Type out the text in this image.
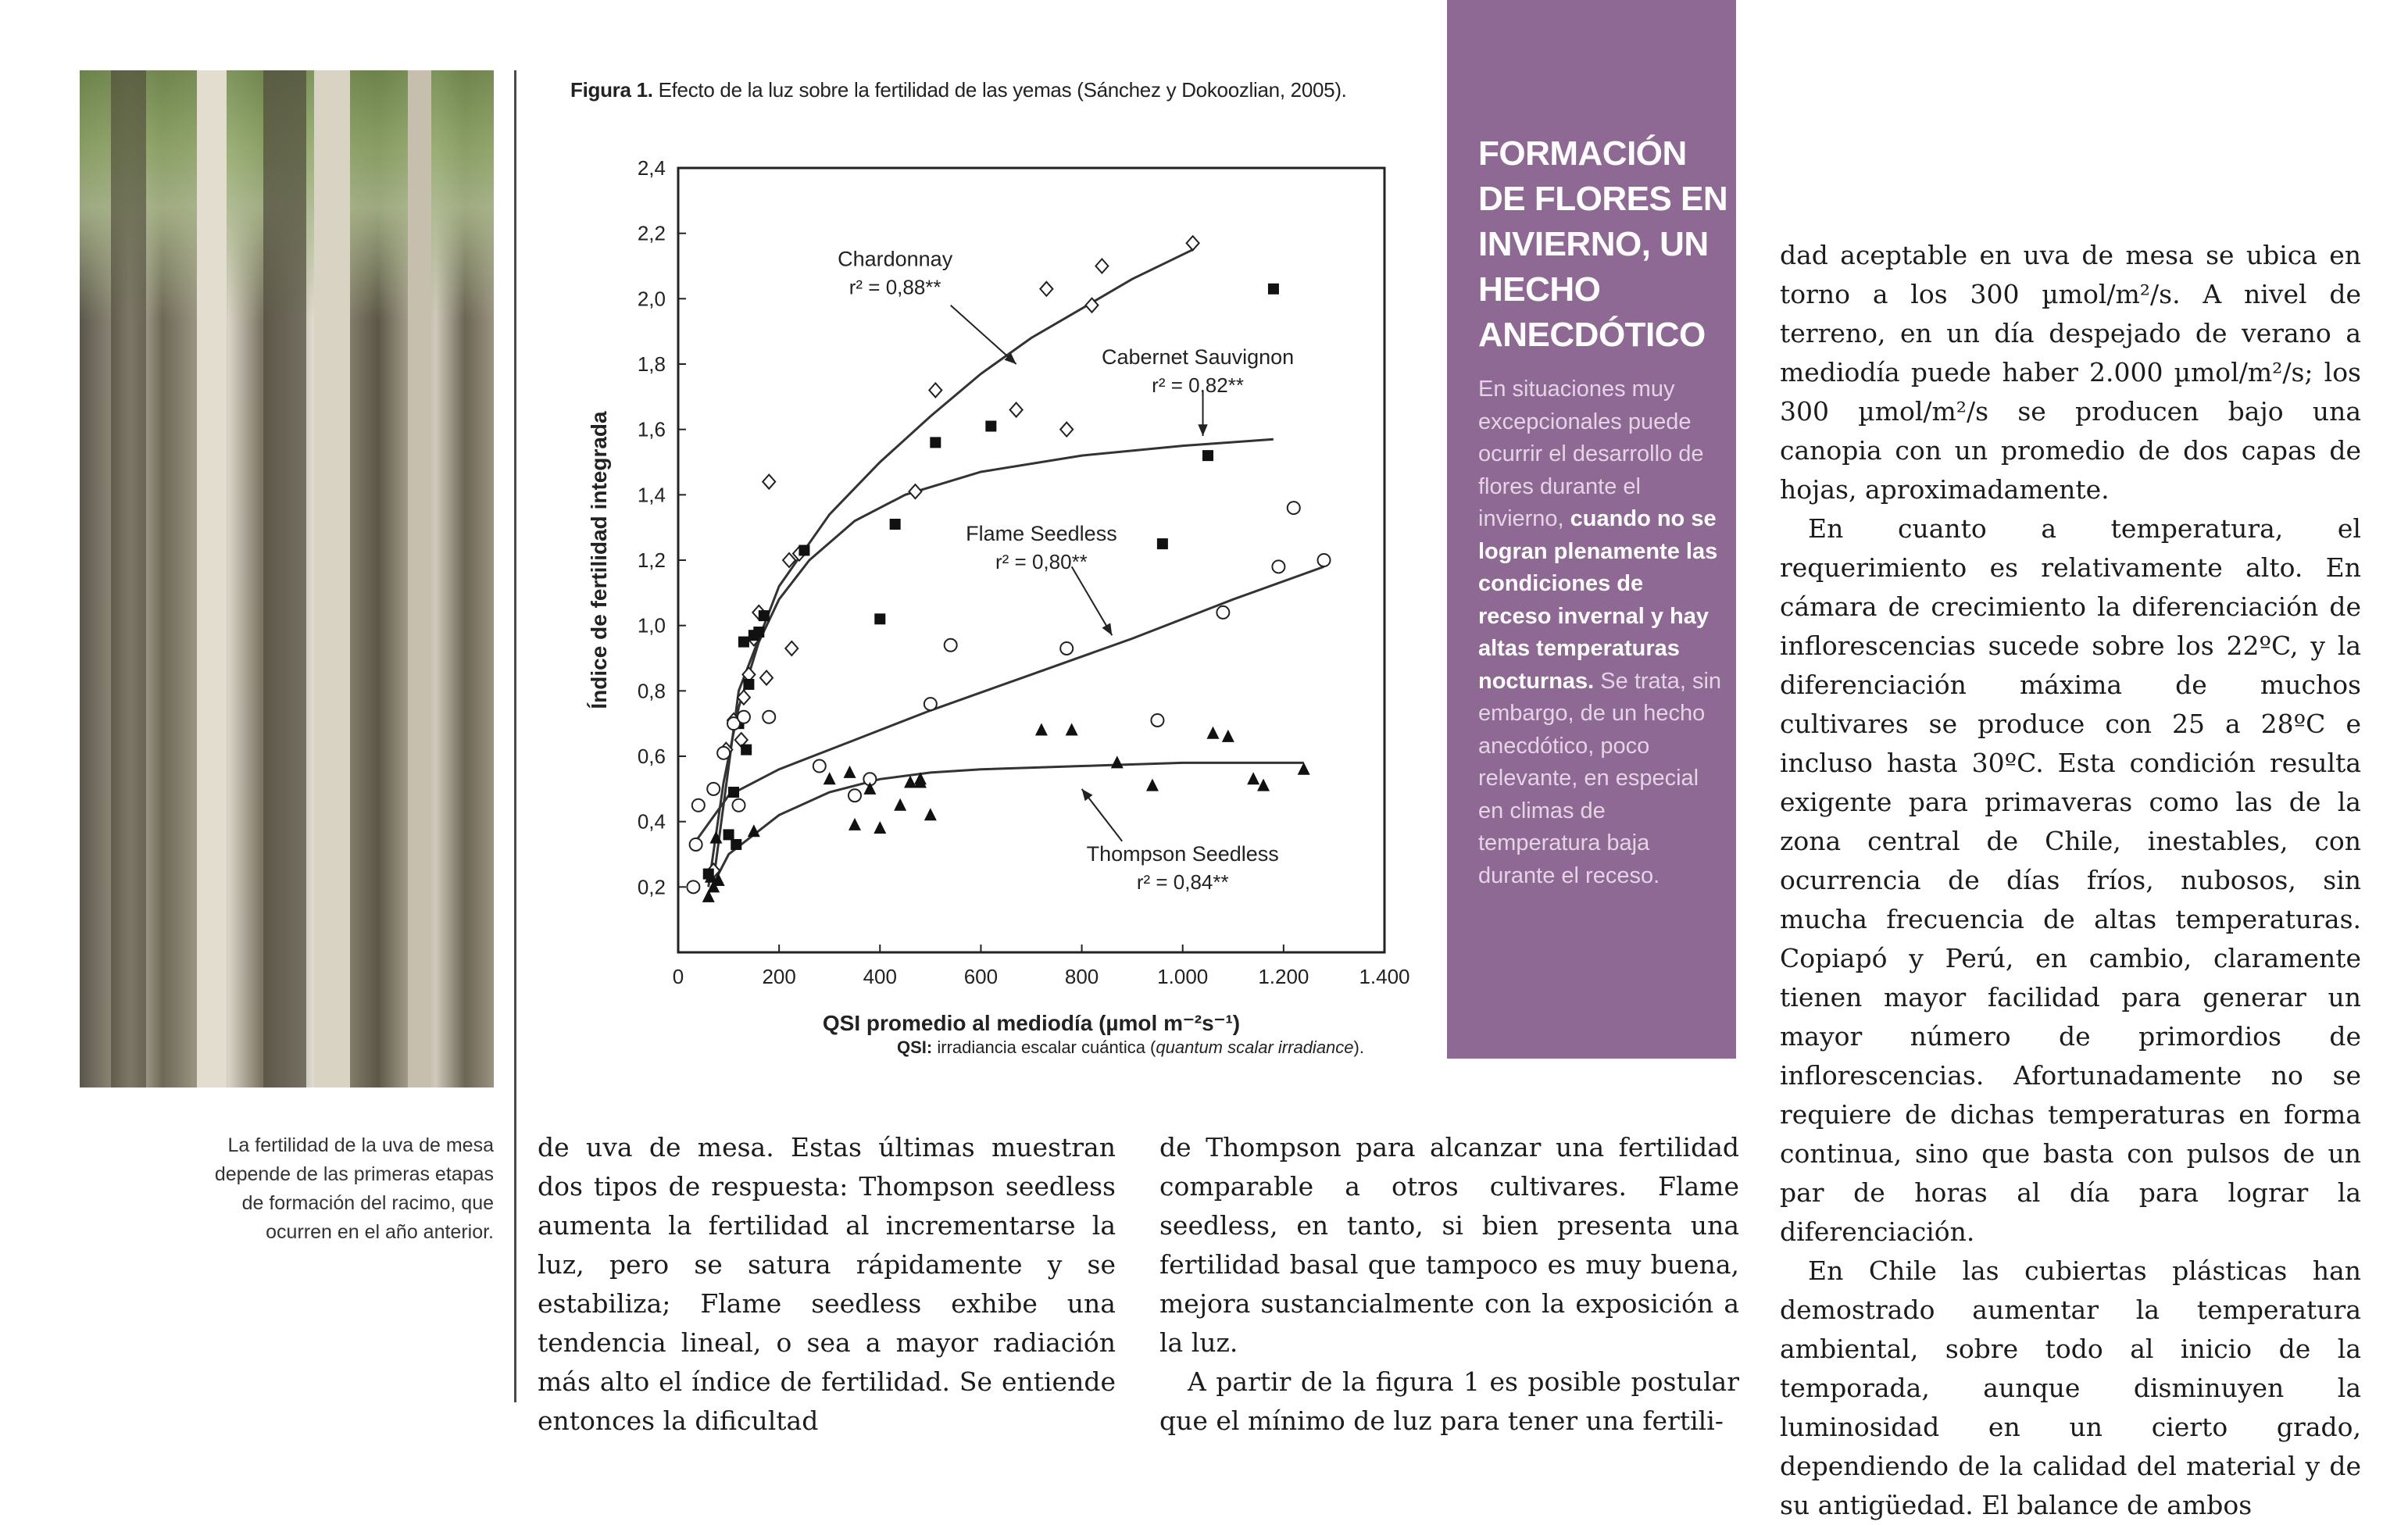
La fertilidad de la uva de mesa depende de las primeras etapas de formación del racimo, que ocurren en el año anterior.
Figura 1. Efecto de la luz sobre la fertilidad de las yemas (Sánchez y Dokoozlian, 2005).
0	200	400	600	800	1.000 1.200 1.400
0,2
0,4
0,6
0,8
1,0
1,2
1,4
1,6
1,8
2,0
2,2
2,4
QSI promedio al mediodía (µmol m⁻²s⁻¹)
Índice de fertilidad integrada
Chardonnay
r² = 0,88**
Cabernet Sauvignon
r² = 0,82**
Flame Seedless
r² = 0,80**
Thompson Seedless
r² = 0,84**
QSI: irradiancia escalar cuántica (quantum scalar irradiance).
FORMACIÓN DE FLORES EN INVIERNO, UN HECHO ANECDÓTICO

En situaciones muy excepcionales puede ocurrir el desarrollo de flores durante el invierno, cuando no se logran plenamente las condiciones de receso invernal y hay altas temperaturas nocturnas. Se trata, sin embargo, de un hecho anecdótico, poco relevante, en especial en climas de temperatura baja durante el receso.

de uva de mesa. Estas últimas muestran dos tipos de respuesta: Thompson seedless aumenta la fertilidad al incrementarse la luz, pero se satura rápidamente y se estabiliza; Flame seedless exhibe una tendencia lineal, o sea a mayor radiación más alto el índice de fertilidad. Se entiende entonces la dificultad

de Thompson para alcanzar una fertilidad comparable a otros cultivares. Flame seedless, en tanto, si bien presenta una fertilidad basal que tampoco es muy buena, mejora sustancialmente con la exposición a la luz.

A partir de la figura 1 es posible postular que el mínimo de luz para tener una fertili-

dad aceptable en uva de mesa se ubica en torno a los 300 µmol/m²/s. A nivel de terreno, en un día despejado de verano a mediodía puede haber 2.000 µmol/m²/s; los 300 µmol/m²/s se producen bajo una canopia con un promedio de dos capas de hojas, aproximadamente.

En cuanto a temperatura, el requerimiento es relativamente alto. En cámara de crecimiento la diferenciación de inflorescencias sucede sobre los 22ºC, y la diferenciación máxima de muchos cultivares se produce con 25 a 28ºC e incluso hasta 30ºC. Esta condición resulta exigente para primaveras como las de la zona central de Chile, inestables, con ocurrencia de días fríos, nubosos, sin mucha frecuencia de altas temperaturas. Copiapó y Perú, en cambio, claramente tienen mayor facilidad para generar un mayor número de primordios de inflorescencias. Afortunadamente no se requiere de dichas temperaturas en forma continua, sino que basta con pulsos de un par de horas al día para lograr la diferenciación.

En Chile las cubiertas plásticas han demostrado aumentar la temperatura ambiental, sobre todo al inicio de la temporada, aunque disminuyen la luminosidad en un cierto grado, dependiendo de la calidad del material y de su antigüedad. El balance de ambos
